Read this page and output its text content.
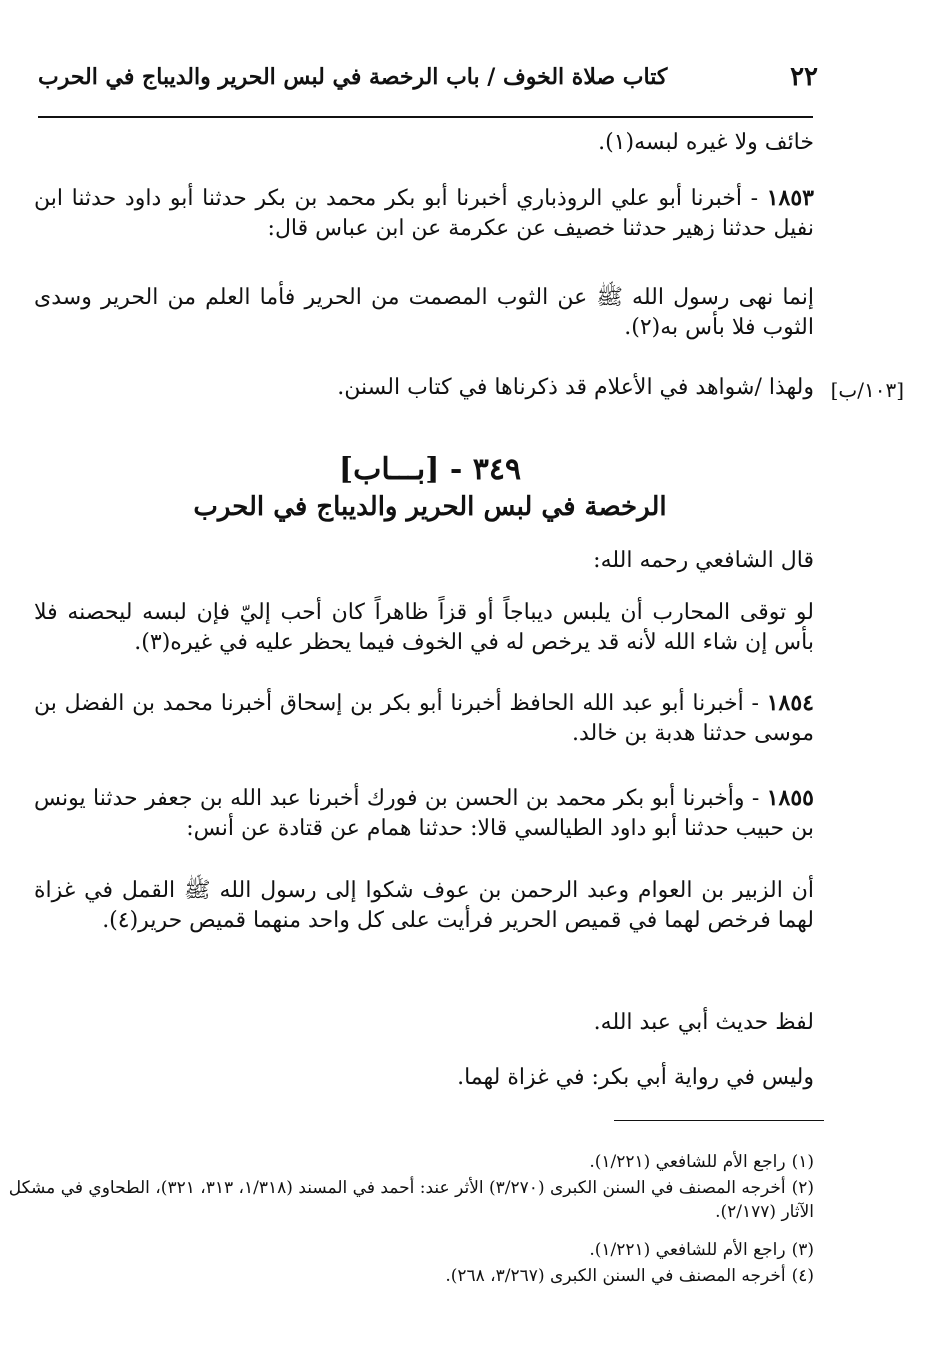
٢٢
كتاب صلاة الخوف / باب الرخصة في لبس الحرير والديباج في الحرب
خائف ولا غيره لبسه(١).
١٨٥٣ - أخبرنا أبو علي الروذباري أخبرنا أبو بكر محمد بن بكر حدثنا أبو داود حدثنا ابن نفيل حدثنا زهير حدثنا خصيف عن عكرمة عن ابن عباس قال:
إنما نهى رسول الله ﷺ عن الثوب المصمت من الحرير فأما العلم من الحرير وسدى الثوب فلا بأس به(٢).
ولهذا /شواهد في الأعلام قد ذكرناها في كتاب السنن. [١٠٣/ب]
٣٤٩ - [بـــاب]
الرخصة في لبس الحرير والديباج في الحرب
قال الشافعي رحمه الله:
لو توقى المحارب أن يلبس ديباجاً أو قزاً ظاهراً كان أحب إليّ فإن لبسه ليحصنه فلا بأس إن شاء الله لأنه قد يرخص له في الخوف فيما يحظر عليه في غيره(٣).
١٨٥٤ - أخبرنا أبو عبد الله الحافظ أخبرنا أبو بكر بن إسحاق أخبرنا محمد بن الفضل بن موسى حدثنا هدبة بن خالد.
١٨٥٥ - وأخبرنا أبو بكر محمد بن الحسن بن فورك أخبرنا عبد الله بن جعفر حدثنا يونس بن حبيب حدثنا أبو داود الطيالسي قالا: حدثنا همام عن قتادة عن أنس:
أن الزبير بن العوام وعبد الرحمن بن عوف شكوا إلى رسول الله ﷺ القمل في غزاة لهما فرخص لهما في قميص الحرير فرأيت على كل واحد منهما قميص حرير(٤).
لفظ حديث أبي عبد الله.
وليس في رواية أبي بكر: في غزاة لهما.
(١)راجع الأم للشافعي (١/٢٢١).
(٢)أخرجه المصنف في السنن الكبرى (٣/٢٧٠) الأثر عند: أحمد في المسند (١/٣١٨، ٣١٣، ٣٢١)، الطحاوي في مشكل الآثار (٢/١٧٧).
(٣)راجع الأم للشافعي (١/٢٢١).
(٤)أخرجه المصنف في السنن الكبرى (٣/٢٦٧، ٢٦٨).
